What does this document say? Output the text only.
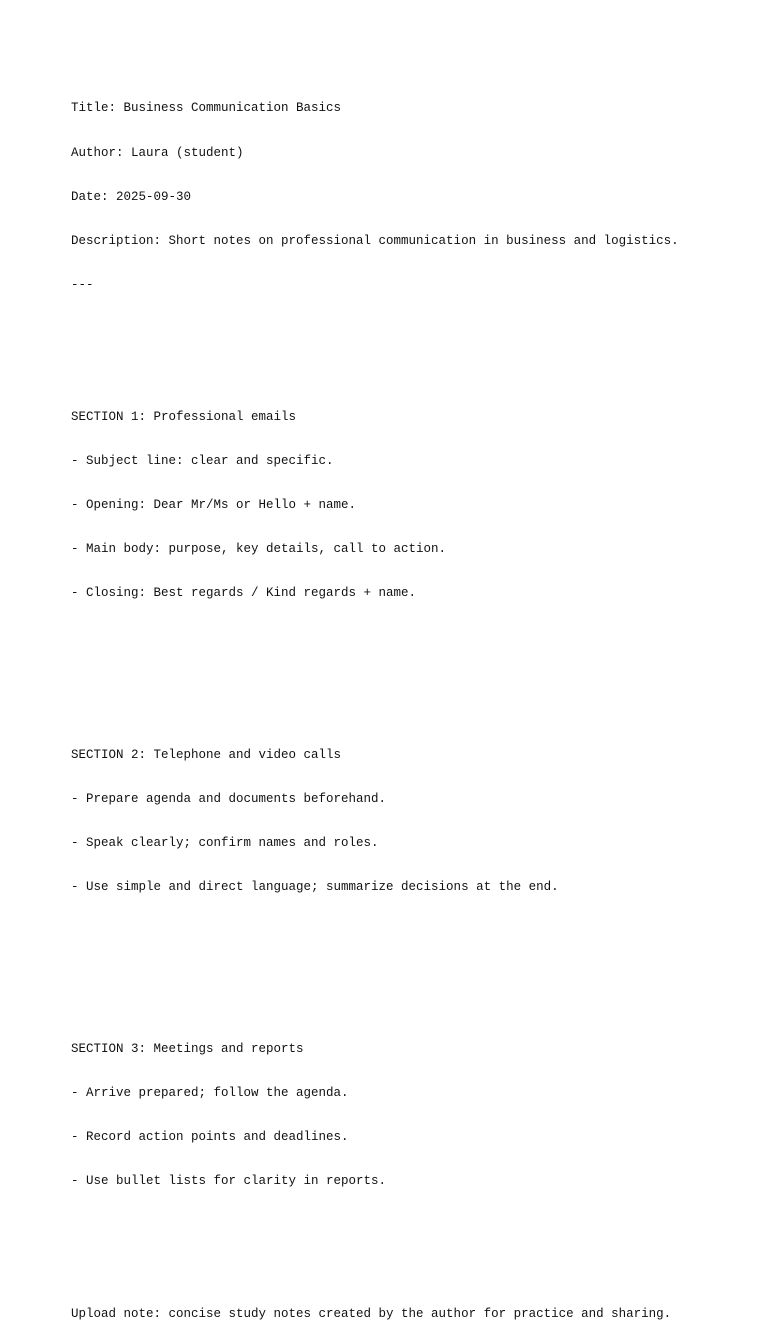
Title: Business Communication Basics

Author: Laura (student)

Date: 2025-09-30

Description: Short notes on professional communication in business and logistics.

---

SECTION 1: Professional emails

- Subject line: clear and specific.

- Opening: Dear Mr/Ms or Hello + name.

- Main body: purpose, key details, call to action.

- Closing: Best regards / Kind regards + name.

SECTION 2: Telephone and video calls

- Prepare agenda and documents beforehand.

- Speak clearly; confirm names and roles.

- Use simple and direct language; summarize decisions at the end.

SECTION 3: Meetings and reports

- Arrive prepared; follow the agenda.

- Record action points and deadlines.

- Use bullet lists for clarity in reports.

Upload note: concise study notes created by the author for practice and sharing.
